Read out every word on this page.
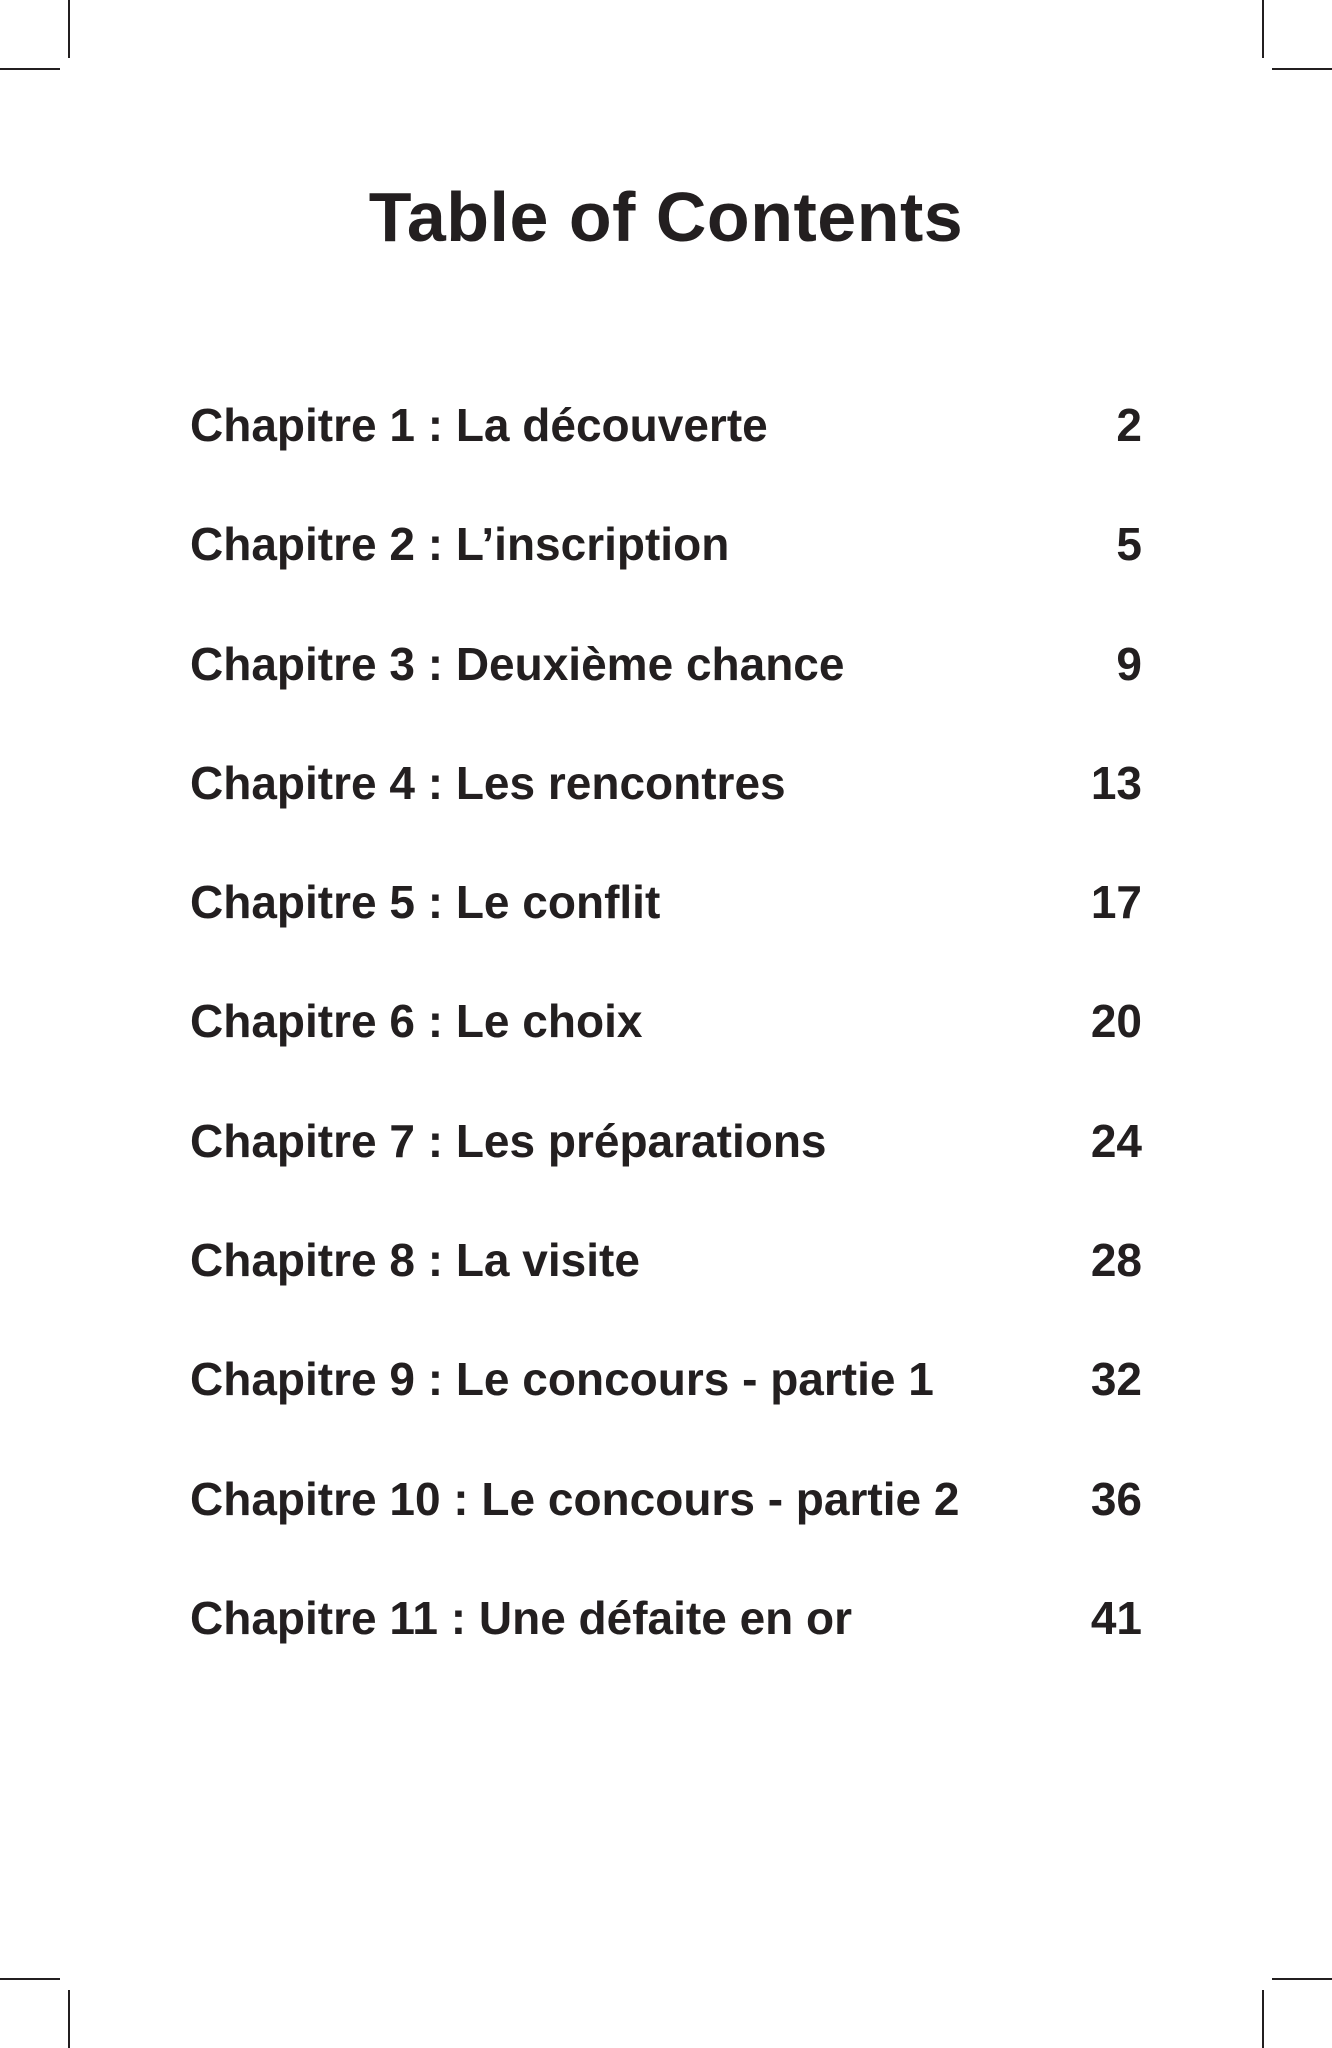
Table of Contents
Chapitre 1 : La découverte	2
Chapitre 2 : L’inscription	5
Chapitre 3 : Deuxième chance	9
Chapitre 4 : Les rencontres	13
Chapitre 5 : Le conflit	17
Chapitre 6 : Le choix	20
Chapitre 7 : Les préparations	24
Chapitre 8 : La visite	28
Chapitre 9 : Le concours - partie 1	32
Chapitre 10 : Le concours - partie 2	36
Chapitre 11 : Une défaite en or	41
